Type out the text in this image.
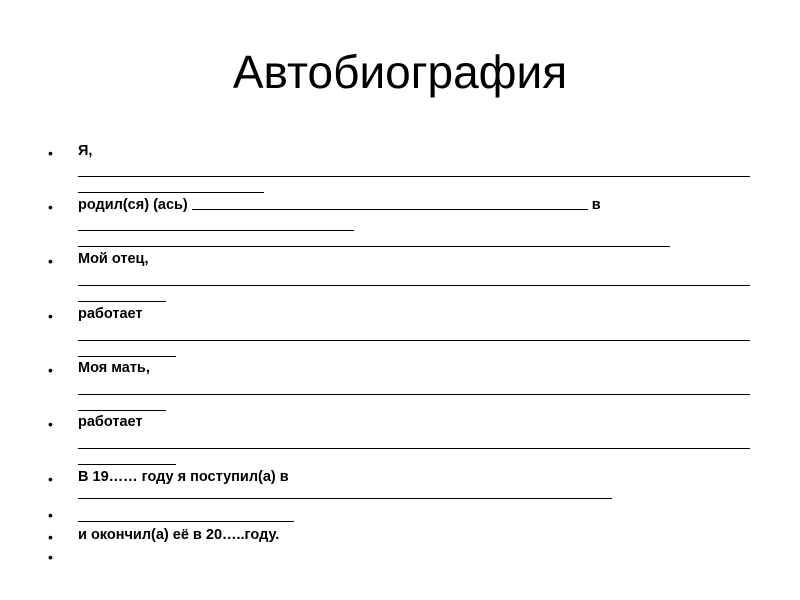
Автобиография
•	Я,
•	родил(ся) (ась)	в
•	Мой отец,
•	работает
•	Моя мать,
•	работает
•	В 19…… году я поступил(а) в
•
•	и окончил(а) её в 20…..году.
•
